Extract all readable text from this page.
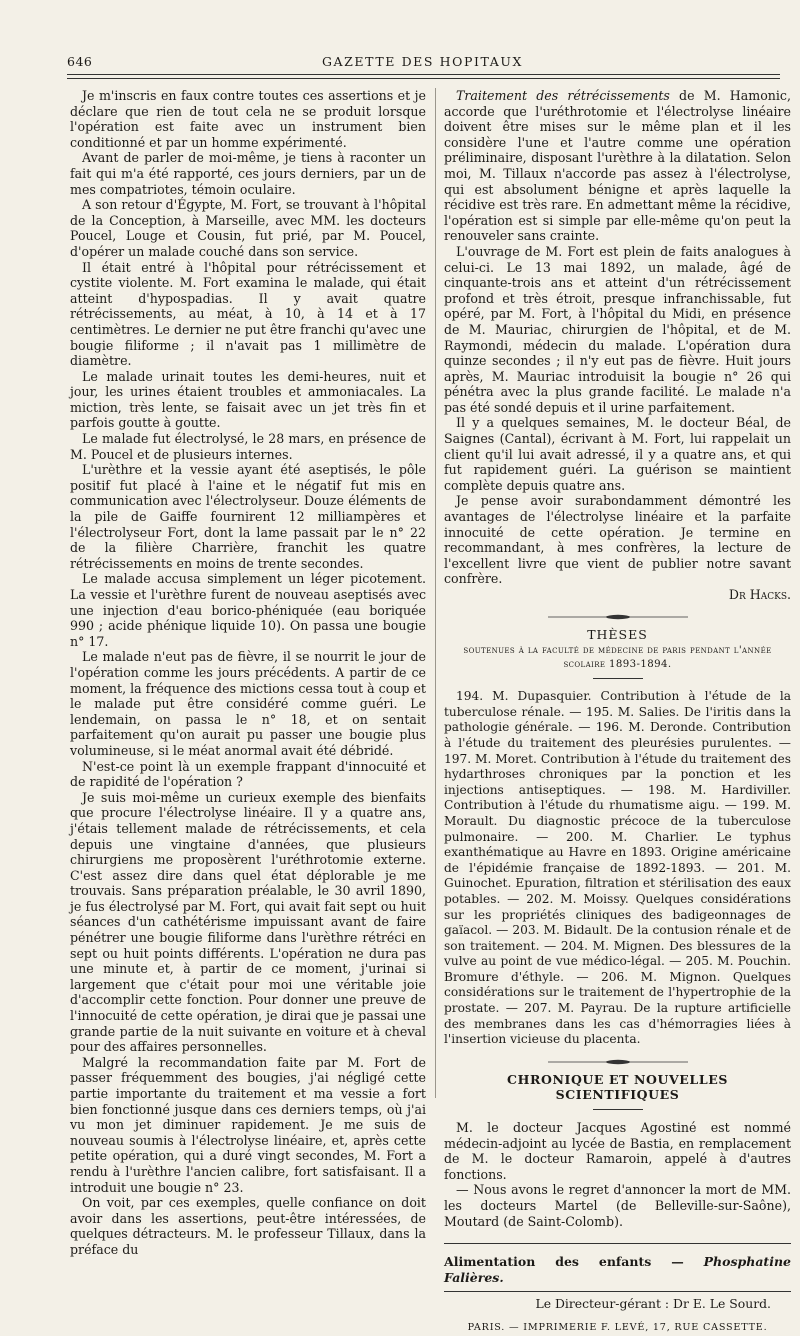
646	GAZETTE DES HOPITAUX

Je m'inscris en faux contre toutes ces assertions et je déclare que rien de tout cela ne se produit lorsque l'opération est faite avec un instrument bien conditionné et par un homme expérimenté.

Avant de parler de moi-même, je tiens à raconter un fait qui m'a été rapporté, ces jours derniers, par un de mes compatriotes, témoin oculaire.

A son retour d'Égypte, M. Fort, se trouvant à l'hôpital de la Conception, à Marseille, avec MM. les docteurs Poucel, Louge et Cousin, fut prié, par M. Poucel, d'opérer un malade couché dans son service.

Il était entré à l'hôpital pour rétrécissement et cystite violente. M. Fort examina le malade, qui était atteint d'hypospadias. Il y avait quatre rétrécissements, au méat, à 10, à 14 et à 17 centimètres. Le dernier ne put être franchi qu'avec une bougie filiforme ; il n'avait pas 1 millimètre de diamètre.

Le malade urinait toutes les demi-heures, nuit et jour, les urines étaient troubles et ammoniacales. La miction, très lente, se faisait avec un jet très fin et parfois goutte à goutte.

Le malade fut électrolysé, le 28 mars, en présence de M. Poucel et de plusieurs internes.

L'urèthre et la vessie ayant été aseptisés, le pôle positif fut placé à l'aine et le négatif fut mis en communication avec l'électrolyseur. Douze éléments de la pile de Gaiffe fournirent 12 milliampères et l'électrolyseur Fort, dont la lame passait par le n° 22 de la filière Charrière, franchit les quatre rétrécissements en moins de trente secondes.

Le malade accusa simplement un léger picotement. La vessie et l'urèthre furent de nouveau aseptisés avec une injection d'eau borico-phéniquée (eau boriquée 990 ; acide phénique liquide 10). On passa une bougie n° 17.

Le malade n'eut pas de fièvre, il se nourrit le jour de l'opération comme les jours précédents. A partir de ce moment, la fréquence des mictions cessa tout à coup et le malade put être considéré comme guéri. Le lendemain, on passa le n° 18, et on sentait parfaitement qu'on aurait pu passer une bougie plus volumineuse, si le méat anormal avait été débridé.

N'est-ce point là un exemple frappant d'innocuité et de rapidité de l'opération ?

Je suis moi-même un curieux exemple des bienfaits que procure l'électrolyse linéaire. Il y a quatre ans, j'étais tellement malade de rétrécissements, et cela depuis une vingtaine d'années, que plusieurs chirurgiens me proposèrent l'uréthrotomie externe. C'est assez dire dans quel état déplorable je me trouvais. Sans préparation préalable, le 30 avril 1890, je fus électrolysé par M. Fort, qui avait fait sept ou huit séances d'un cathétérisme impuissant avant de faire pénétrer une bougie filiforme dans l'urèthre rétréci en sept ou huit points différents. L'opération ne dura pas une minute et, à partir de ce moment, j'urinai si largement que c'était pour moi une véritable joie d'accomplir cette fonction. Pour donner une preuve de l'innocuité de cette opération, je dirai que je passai une grande partie de la nuit suivante en voiture et à cheval pour des affaires personnelles.

Malgré la recommandation faite par M. Fort de passer fréquemment des bougies, j'ai négligé cette partie importante du traitement et ma vessie a fort bien fonctionné jusque dans ces derniers temps, où j'ai vu mon jet diminuer rapidement. Je me suis de nouveau soumis à l'électrolyse linéaire, et, après cette petite opération, qui a duré vingt secondes, M. Fort a rendu à l'urèthre l'ancien calibre, fort satisfaisant. Il a introduit une bougie n° 23.

On voit, par ces exemples, quelle confiance on doit avoir dans les assertions, peut-être intéressées, de quelques détracteurs. M. le professeur Tillaux, dans la préface du

Traitement des rétrécissements de M. Hamonic, accorde que l'uréthrotomie et l'électrolyse linéaire doivent être mises sur le même plan et il les considère l'une et l'autre comme une opération préliminaire, disposant l'urèthre à la dilatation. Selon moi, M. Tillaux n'accorde pas assez à l'électrolyse, qui est absolument bénigne et après laquelle la récidive est très rare. En admettant même la récidive, l'opération est si simple par elle-même qu'on peut la renouveler sans crainte.

L'ouvrage de M. Fort est plein de faits analogues à celui-ci. Le 13 mai 1892, un malade, âgé de cinquante-trois ans et atteint d'un rétrécissement profond et très étroit, presque infranchissable, fut opéré, par M. Fort, à l'hôpital du Midi, en présence de M. Mauriac, chirurgien de l'hôpital, et de M. Raymondi, médecin du malade. L'opération dura quinze secondes ; il n'y eut pas de fièvre. Huit jours après, M. Mauriac introduisit la bougie n° 26 qui pénétra avec la plus grande facilité. Le malade n'a pas été sondé depuis et il urine parfaitement.

Il y a quelques semaines, M. le docteur Béal, de Saignes (Cantal), écrivant à M. Fort, lui rappelait un client qu'il lui avait adressé, il y a quatre ans, et qui fut rapidement guéri. La guérison se maintient complète depuis quatre ans.

Je pense avoir surabondamment démontré les avantages de l'électrolyse linéaire et la parfaite innocuité de cette opération. Je termine en recommandant, à mes confrères, la lecture de l'excellent livre que vient de publier notre savant confrère.

Dr Hacks.

THÈSES
soutenues à la faculté de médecine de paris pendant l'année scolaire 1893-1894.

194. M. Dupasquier. Contribution à l'étude de la tuberculose rénale. — 195. M. Salies. De l'iritis dans la pathologie générale. — 196. M. Deronde. Contribution à l'étude du traitement des pleurésies purulentes. — 197. M. Moret. Contribution à l'étude du traitement des hydarthroses chroniques par la ponction et les injections antiseptiques. — 198. M. Hardiviller. Contribution à l'étude du rhumatisme aigu. — 199. M. Morault. Du diagnostic précoce de la tuberculose pulmonaire. — 200. M. Charlier. Le typhus exanthématique au Havre en 1893. Origine américaine de l'épidémie française de 1892-1893. — 201. M. Guinochet. Epuration, filtration et stérilisation des eaux potables. — 202. M. Moissy. Quelques considérations sur les propriétés cliniques des badigeonnages de gaïacol. — 203. M. Bidault. De la contusion rénale et de son traitement. — 204. M. Mignen. Des blessures de la vulve au point de vue médico-légal. — 205. M. Pouchin. Bromure d'éthyle. — 206. M. Mignon. Quelques considérations sur le traitement de l'hypertrophie de la prostate. — 207. M. Payrau. De la rupture artificielle des membranes dans les cas d'hémorragies liées à l'insertion vicieuse du placenta.

CHRONIQUE ET NOUVELLES SCIENTIFIQUES

M. le docteur Jacques Agostiné est nommé médecin-adjoint au lycée de Bastia, en remplacement de M. le docteur Ramaroin, appelé à d'autres fonctions.

— Nous avons le regret d'annoncer la mort de MM. les docteurs Martel (de Belleville-sur-Saône), Moutard (de Saint-Colomb).

Alimentation des enfants — Phosphatine Falières.

Le Directeur-gérant : Dr E. Le Sourd.

PARIS. — IMPRIMERIE F. LEVÉ, 17, RUE CASSETTE.
